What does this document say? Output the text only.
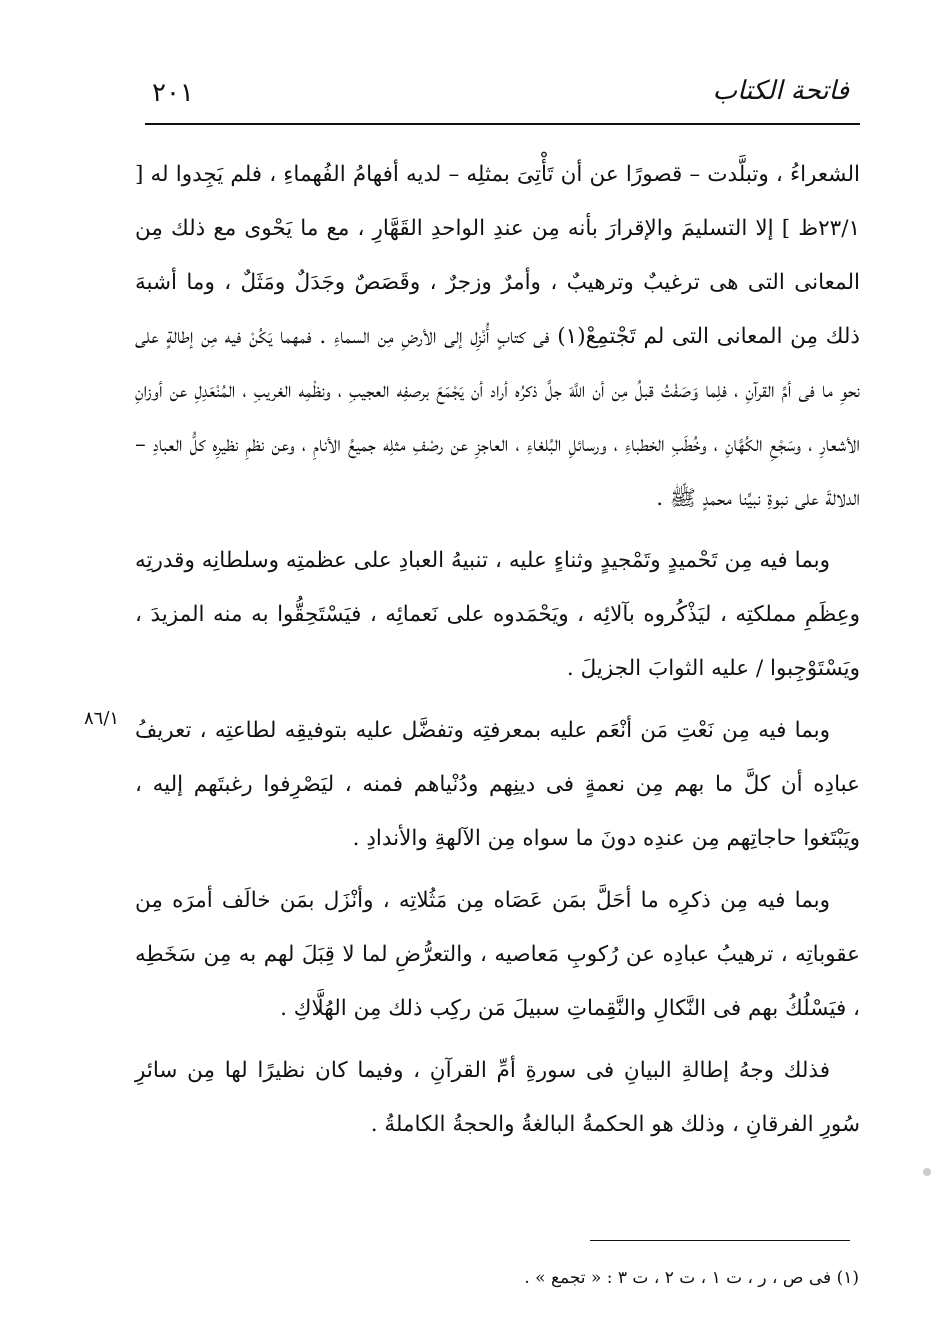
٢٠١	فاتحة الكتاب

الشعراءُ ، وتبلَّدت – قصورًا عن أن تَأْتِىَ بمثلِه – لديه أفهامُ الفُهماءِ ، فلم يَجِدوا له [ ٢٣/١ظ ] إلا التسليمَ والإقرارَ بأنه مِن عندِ الواحدِ القَهَّارِ ، مع ما يَحْوى مع ذلك مِن المعانى التى هى ترغيبٌ وترهيبٌ ، وأمرٌ وزجرٌ ، وقَصَصٌ وجَدَلٌ ومَثَلٌ ، وما أشبهَ ذلك مِن المعانى التى لم تَجْتمِعْ(١) فى كتابٍ أُنْزِل إلى الأرضِ مِن السماءِ . فمهما يَكُنْ فيه مِن إطالةٍ على نحوِ ما فى أمِّ القرآنِ ، فلِما وَصَفْتُ قبلُ مِن أن اللَّهَ جلَّ ذكرُه أراد أن يَجْمَعَ برصفِه العجيبِ ، ونظْمِه الغريبِ ، المُنْعَدِلِ عن أوزانِ الأشعارِ ، وسَجْعِ الكُهَّانِ ، وخُطَبِ الخطباءِ ، ورسائلِ البُلغاءِ ، العاجزِ عن رصْفِ مثلِه جميعُ الأنامِ ، وعن نظمِ نظيرِه كلُّ العبادِ – الدلالةَ على نبوةِ نبيِّنا محمدٍ ﷺ .

وبما فيه مِن تَحْميدٍ وتَمْجيدٍ وثناءٍ عليه ، تنبيهُ العبادِ على عظمتِه وسلطانِه وقدرتِه وعِظَمِ مملكتِه ، ليَذْكُروه بآلائِه ، ويَحْمَدوه على نَعمائِه ، فيَسْتَحِقُّوا به منه المزيدَ ، ويَسْتَوْجِبوا / عليه الثوابَ الجزيلَ .

وبما فيه مِن نَعْتِ مَن أنْعَم عليه بمعرفتِه وتفضَّل عليه بتوفيقِه لطاعتِه ، تعريفُ عبادِه أن كلَّ ما بهم مِن نعمةٍ فى دينِهم ودُنْياهم فمنه ، ليَصْرِفوا رغبتَهم إليه ، ويَبْتَغوا حاجاتِهم مِن عندِه دونَ ما سواه مِن الآلهةِ والأندادِ .

وبما فيه مِن ذكرِه ما أحَلَّ بمَن عَصَاه مِن مَثُلاتِه ، وأنْزَل بمَن خالَف أمرَه مِن عقوباتِه ، ترهيبُ عبادِه عن رُكوبِ مَعاصيه ، والتعرُّضِ لما لا قِبَلَ لهم به مِن سَخَطِه ، فيَسْلُكُ بهم فى النَّكالِ والنَّقِماتِ سبيلَ مَن ركِب ذلك مِن الهُلَّاكِ .

فذلك وجهُ إطالةِ البيانِ فى سورةِ أمِّ القرآنِ ، وفيما كان نظيرًا لها مِن سائرِ سُورِ الفرقانِ ، وذلك هو الحكمةُ البالغةُ والحجةُ الكاملةُ .

٨٦/١
(١) فى ص ، ر ، ت ١ ، ت ٢ ، ت ٣ : « تجمع » .
